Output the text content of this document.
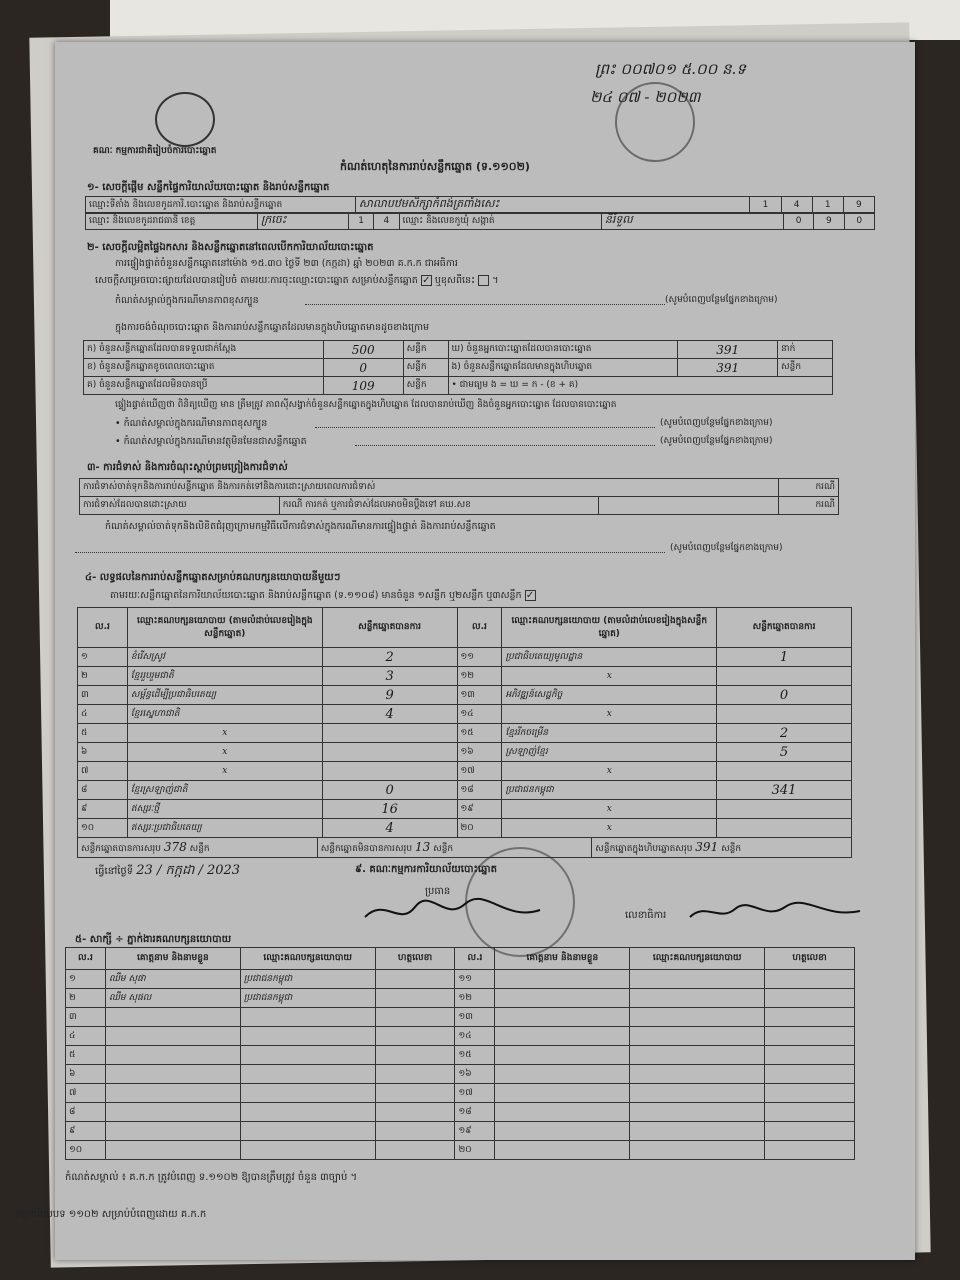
គណៈ កម្មការជាតិរៀបចំការបោះឆ្នោត
ព្រះ ០០៧០១ ៥.០០ ន.ទ
២៤ ០៧ - ២០២៣
កំណត់ហេតុនៃការរាប់សន្លឹកឆ្នោត (ទ.១១០២)
១- សេចក្តីផ្តើម សន្លឹកផ្ទៃការិយាល័យបោះឆ្នោត និងរាប់សន្លឹកឆ្នោត
ឈ្មោះទីតាំង និងលេខកូដការិ.បោះឆ្នោត និងរាប់សន្លឹកឆ្នោត	សាលាបឋមសិក្សាកំពង់ត្រពាំងសេះ	1	4	1	9
ឈ្មោះ និងលេខកូដរាជធានី ខេត្ត	ក្រចេះ	1	4	ឈ្មោះ និងលេខកូឃុំ សង្កាត់	និរំទួល	0	9	0
២- សេចក្តីលម្អិតផ្ទៃឯកសារ និងសន្លឹកឆ្នោតនៅពេលបើកការិយាល័យបោះឆ្នោត
ការផ្ទៀងផ្ទាត់ចំនួនសន្លឹកឆ្នោតនៅម៉ោង ១៥.៣០ ថ្ងៃទី ២៣ (កក្កដា) ឆ្នាំ ២០២៣ គ.ក.ក ជាអធិការ
សេចក្តីសម្រេចបោះផ្សាយដែលបានរៀបចំ តាមរយៈការចុះឈ្មោះបោះឆ្នោត សម្រាប់សន្លឹកឆ្នោត ✓ ឬខុសពីនេះ ។
កំណត់សម្គាល់ក្នុងករណីមានភាពខុសក្បួន	(សូមបំពេញបន្ថែមផ្នែកខាងក្រោម)
ក្នុងការចង់ចំណុចបោះឆ្នោត និងការរាប់សន្លឹកឆ្នោតដែលមានក្នុងហិបឆ្នោតមានដូចខាងក្រោម
ក) ចំនួនសន្លឹកឆ្នោតដែលបានទទួលជាក់ស្តែង	500	សន្លឹក	ឃ) ចំនួនអ្នកបោះឆ្នោតដែលបានបោះឆ្នោត	391	នាក់
ខ) ចំនួនសន្លឹកឆ្នោតខូចពេលបោះឆ្នោត	0	សន្លឹក	ង) ចំនួនសន្លឹកឆ្នោតដែលមានក្នុងហិបឆ្នោត	391	សន្លឹក
គ) ចំនួនសន្លឹកឆ្នោតដែលមិនបានប្រើ	109	សន្លឹក	• ជាមធ្យម ង = ឃ = ក - (ខ + គ)		
ផ្ទៀងផ្ទាត់ឃើញថា ពិនិត្យឃើញ មាន ត្រឹមត្រូវ ភាពស៊ីសង្វាក់ចំនួនសន្លឹកឆ្នោតក្នុងហិបឆ្នោត ដែលបានរាប់ឃើញ និងចំនួនអ្នកបោះឆ្នោត ដែលបានបោះឆ្នោត
• កំណត់សម្គាល់ក្នុងករណីមានភាពខុសក្បួន	(សូមបំពេញបន្ថែមផ្នែកខាងក្រោម)
• កំណត់សម្គាល់ក្នុងករណីមានវត្ថុមិនមែនជាសន្លឹកឆ្នោត	(សូមបំពេញបន្ថែមផ្នែកខាងក្រោម)
៣- ការជំទាស់ និងការចំណុះស្តាប់ព្រមព្រៀងការជំទាស់
ការជំទាស់ចាត់ទុកនិងការរាប់សន្លឹកឆ្នោត និងការកត់ទៅនិងការដោះស្រាយពេលការជំទាស់			ករណី
ការជំទាស់ដែលបានដោះស្រាយ	ករណី ការកត់ ឬការជំទាស់ដែលអាចមិនប្តឹងទៅ គឃ.សខ		ករណី
កំណត់សម្គាល់ចាត់ទុកនិងលិខិតជំរុញក្រោមកម្មវិធីលើការជំទាស់ក្នុងករណីមានការផ្ទៀងផ្ទាត់ និងការរាប់សន្លឹកឆ្នោត
(សូមបំពេញបន្ថែមផ្នែកខាងក្រោម)
៤- លទ្ធផលនៃការរាប់សន្លឹកឆ្នោតសម្រាប់គណបក្សនយោបាយនីមួយៗ
តាមរយៈសន្លឹកឆ្នោតនៃការិយាល័យបោះឆ្នោត និងរាប់សន្លឹកឆ្នោត (ទ.១១០៨) មានចំនួន ១សន្លឹក ឬ២សន្លឹក ឬ៣សន្លឹក ✓
ល.រ	ឈ្មោះគណបក្សនយោបាយ (តាមលំដាប់លេខរៀងក្នុងសន្លឹកឆ្នោត)	សន្លឹកឆ្នោតបានការ	ល.រ	ឈ្មោះគណបក្សនយោបាយ (តាមលំដាប់លេខរៀងក្នុងសន្លឹកឆ្នោត)	សន្លឹកឆ្នោតបានការ
១	ខំរើសស្រូវ	2	១១	ប្រជាធិបតេយ្យមូលដ្ឋាន	1
២	ខ្មែររួបរួមជាតិ	3	១២	x	
៣	សម្ព័ន្ធដើម្បីប្រជាធិបតេយ្យ	9	១៣	អភិវឌ្ឍន៍សេដ្ឋកិច្ច	0
៤	ខ្មែរស្នេហាជាតិ	4	១៤	x	
៥	x		១៥	ខ្មែររីកចម្រើន	2
៦	x		១៦	ស្រឡាញ់ខ្មែរ	5
៧	x		១៧	x	
៨	ខ្មែរស្រឡាញ់ជាតិ	0	១៨	ប្រជាជនកម្ពុជា	341
៩	ឥស្សរៈថ្មី	16	១៩	x	
១០	ឥស្សរៈប្រជាធិបតេយ្យ	4	២០	x	
សន្លឹកឆ្នោតបានការសរុប 378 សន្លឹក	សន្លឹកឆ្នោតមិនបានការសរុប 13 សន្លឹក	សន្លឹកឆ្នោតក្នុងហិបឆ្នោតសរុប 391 សន្លឹក
ធ្វើនៅថ្ងៃទី 23 / កក្កដា / 2023	៩. គណៈកម្មការការិយាល័យបោះឆ្នោត
ប្រធាន
លេខាធិការ
៥- សាក្សី ÷ ភ្នាក់ងារគណបក្សនយោបាយ
ល.រ	គោត្តនាម និងនាមខ្លួន	ឈ្មោះគណបក្សនយោបាយ	ហត្ថលេខា	ល.រ	គោត្តនាម និងនាមខ្លួន	ឈ្មោះគណបក្សនយោបាយ	ហត្ថលេខា
១	ឈឹម សុផា	ប្រជាជនកម្ពុជា		១១			
២	ឈឹម សុផល	ប្រជាជនកម្ពុជា		១២			
៣				១៣			
៤				១៤			
៥				១៥			
៦				១៦			
៧				១៧			
៨				១៨			
៩				១៩			
១០				២០			
កំណត់សម្គាល់ ៖ គ.ក.ក ត្រូវបំពេញ ទ.១១០២ ឱ្យបានត្រឹមត្រូវ ចំនួន ៣ច្បាប់ ។
ទម្រង់បែបបទ ១១០២ សម្រាប់បំពេញដោយ គ.ក.ក
